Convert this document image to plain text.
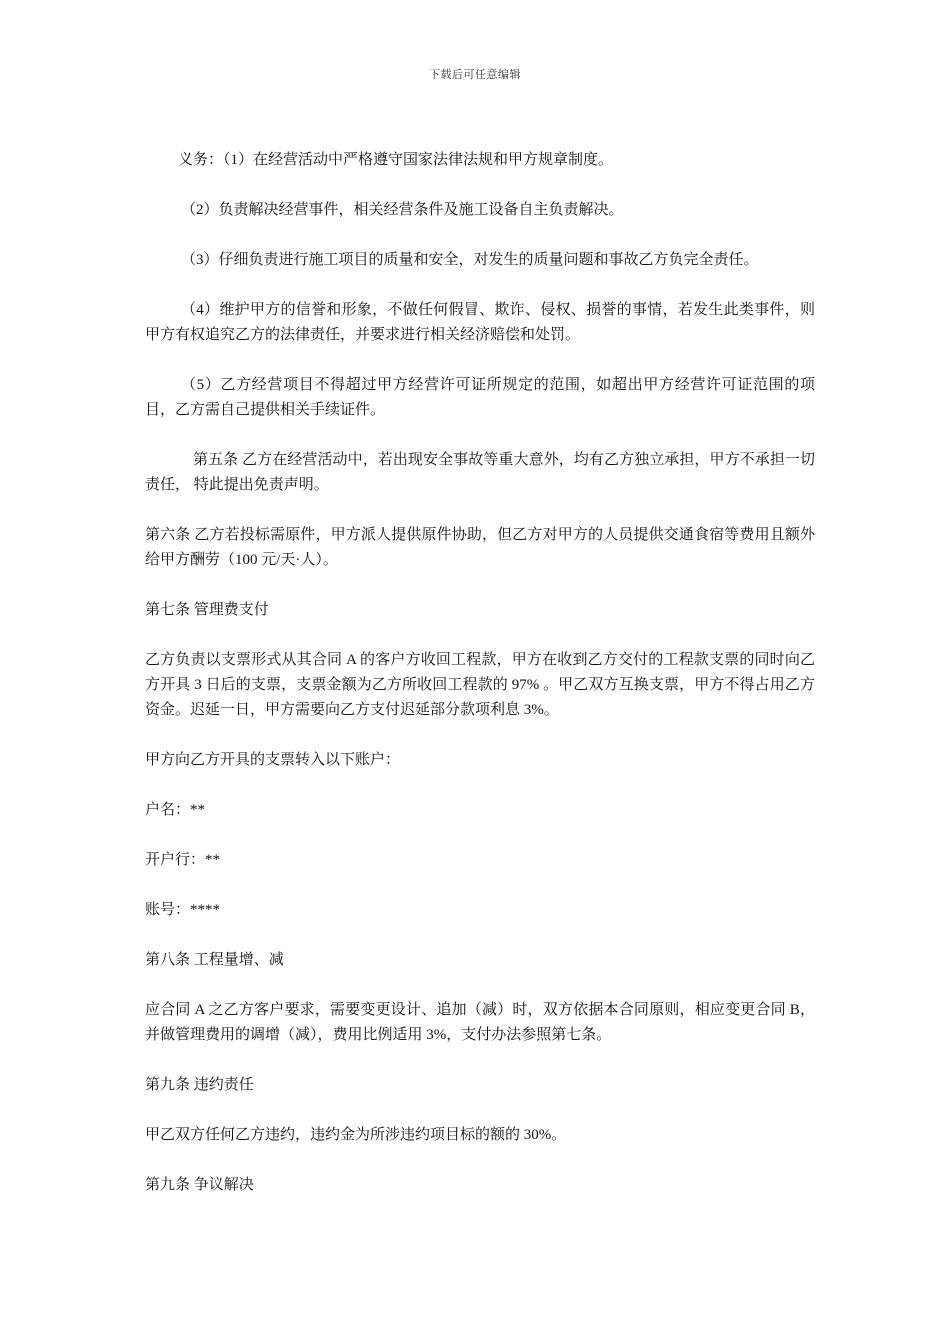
下载后可任意编辑

义务：（1）在经营活动中严格遵守国家法律法规和甲方规章制度。

（2）负责解决经营事件，相关经营条件及施工设备自主负责解决。

（3）仔细负责进行施工项目的质量和安全，对发生的质量问题和事故乙方负完全责任。

（4）维护甲方的信誉和形象，不做任何假冒、欺诈、侵权、损誉的事情，若发生此类事件，则甲方有权追究乙方的法律责任，并要求进行相关经济赔偿和处罚。

（5）乙方经营项目不得超过甲方经营许可证所规定的范围，如超出甲方经营许可证范围的项目，乙方需自己提供相关手续证件。

第五条 乙方在经营活动中，若出现安全事故等重大意外，均有乙方独立承担，甲方不承担一切责任， 特此提出免责声明。

第六条 乙方若投标需原件，甲方派人提供原件协助，但乙方对甲方的人员提供交通食宿等费用且额外给甲方酬劳（100 元/天·人）。

第七条 管理费支付

乙方负责以支票形式从其合同 A 的客户方收回工程款，甲方在收到乙方交付的工程款支票的同时向乙方开具 3 日后的支票，支票金额为乙方所收回工程款的 97% 。甲乙双方互换支票，甲方不得占用乙方资金。迟延一日，甲方需要向乙方支付迟延部分款项利息 3%。

甲方向乙方开具的支票转入以下账户：

户名：**

开户行：**

账号：****

第八条 工程量增、减

应合同 A 之乙方客户要求，需要变更设计、追加（减）时，双方依据本合同原则，相应变更合同 B，并做管理费用的调增（减），费用比例适用 3%，支付办法参照第七条。

第九条 违约责任

甲乙双方任何乙方违约，违约金为所涉违约项目标的额的 30%。

第九条 争议解决
